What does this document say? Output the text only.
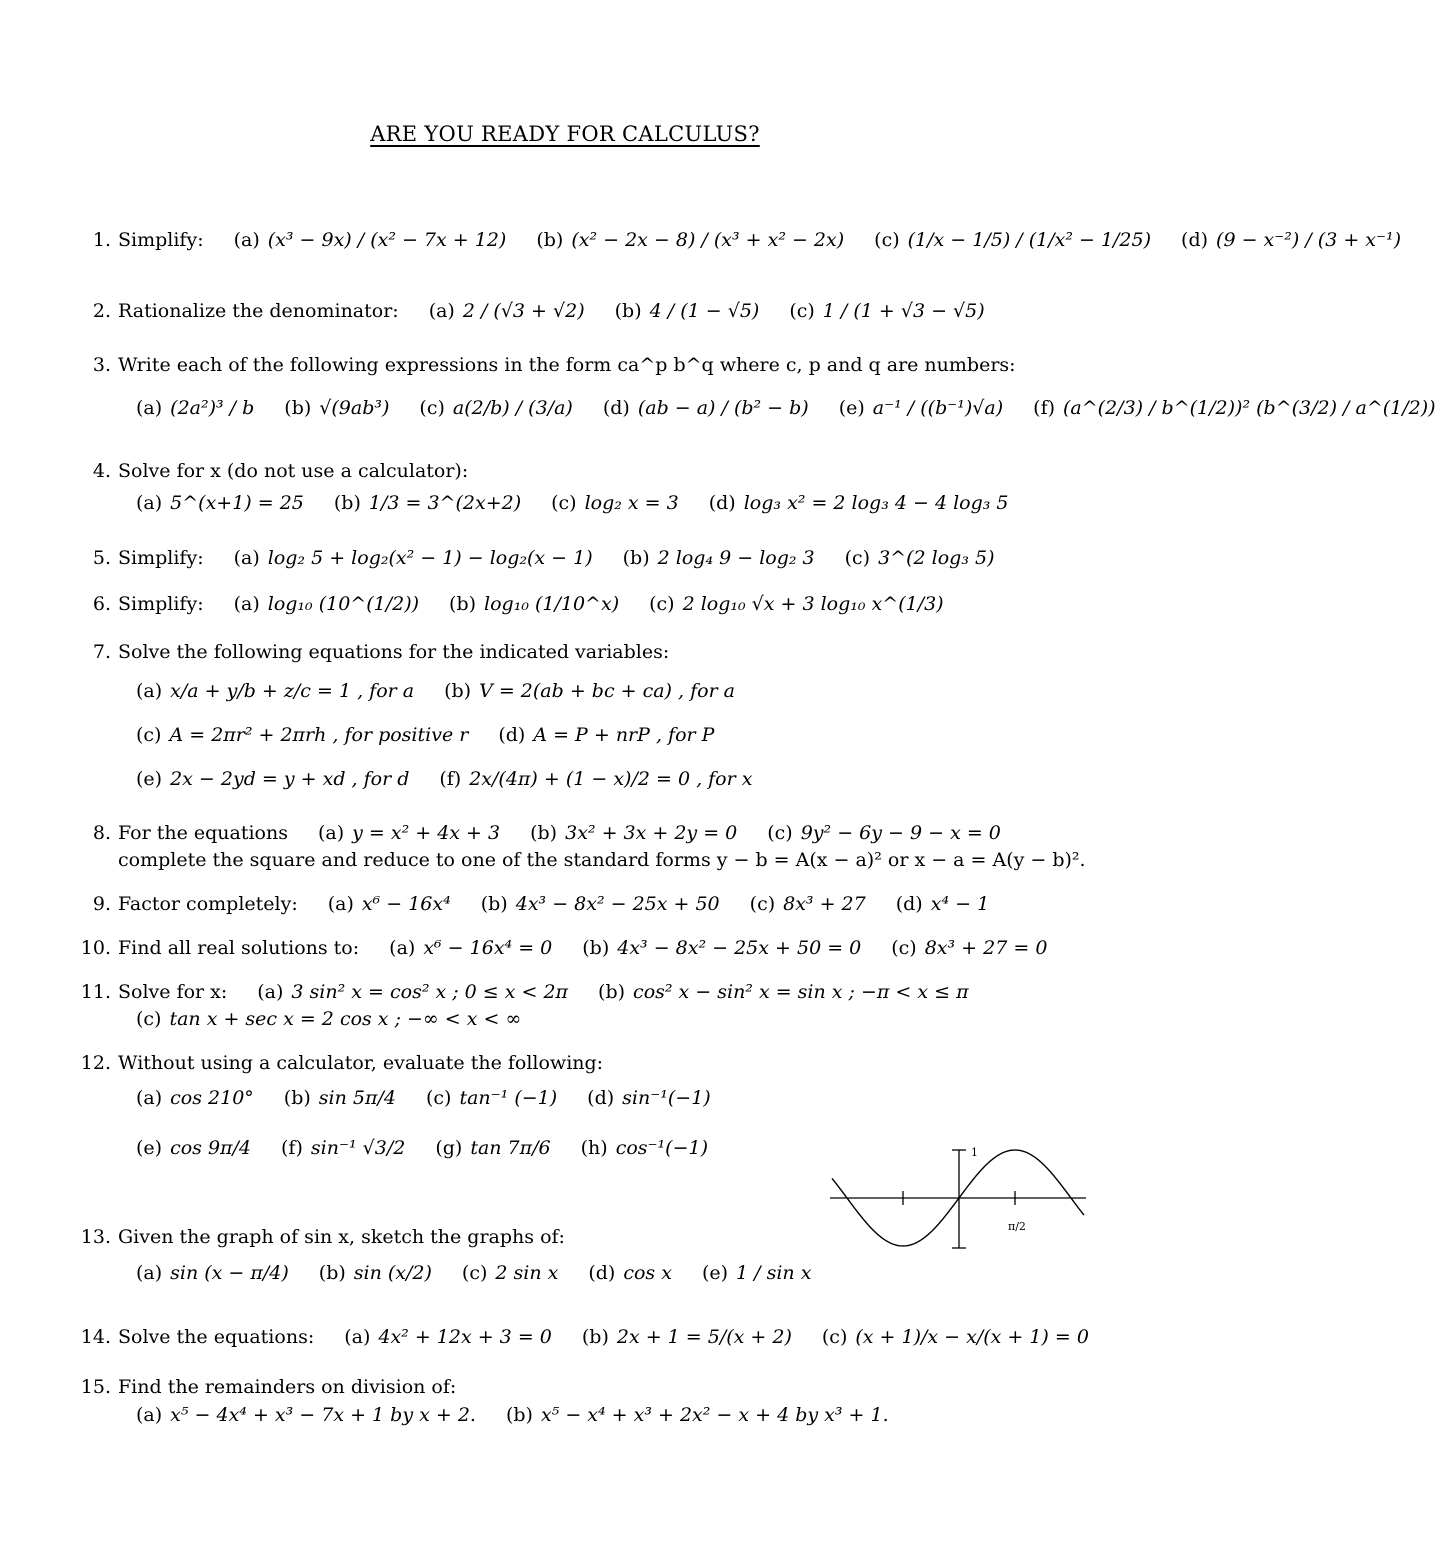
ARE YOU READY FOR CALCULUS?
1. Simplify: (a) (x³ − 9x) / (x² − 7x + 12) (b) (x² − 2x − 8) / (x³ + x² − 2x) (c) (1/x − 1/5) / (1/x² − 1/25) (d) (9 − x⁻²) / (3 + x⁻¹)
2. Rationalize the denominator: (a) 2 / (√3 + √2) (b) 4 / (1 − √5) (c) 1 / (1 + √3 − √5)
3. Write each of the following expressions in the form ca^p b^q where c, p and q are numbers:
(a) (2a²)³ / b (b) √(9ab³) (c) a(2/b) / (3/a) (d) (ab − a) / (b² − b) (e) a⁻¹ / ((b⁻¹)√a) (f) (a^(2/3) / b^(1/2))² (b^(3/2) / a^(1/2))
4. Solve for x (do not use a calculator):
(a) 5^(x+1) = 25 (b) 1/3 = 3^(2x+2) (c) log₂ x = 3 (d) log₃ x² = 2 log₃ 4 − 4 log₃ 5
5. Simplify: (a) log₂ 5 + log₂(x² − 1) − log₂(x − 1) (b) 2 log₄ 9 − log₂ 3 (c) 3^(2 log₃ 5)
6. Simplify: (a) log₁₀ (10^(1/2)) (b) log₁₀ (1/10^x) (c) 2 log₁₀ √x + 3 log₁₀ x^(1/3)
7. Solve the following equations for the indicated variables:
(a) x/a + y/b + z/c = 1 , for a (b) V = 2(ab + bc + ca) , for a
(c) A = 2πr² + 2πrh , for positive r (d) A = P + nrP , for P
(e) 2x − 2yd = y + xd , for d (f) 2x/(4π) + (1 − x)/2 = 0 , for x
8. For the equations (a) y = x² + 4x + 3 (b) 3x² + 3x + 2y = 0 (c) 9y² − 6y − 9 − x = 0
complete the square and reduce to one of the standard forms y − b = A(x − a)² or x − a = A(y − b)².
9. Factor completely: (a) x⁶ − 16x⁴ (b) 4x³ − 8x² − 25x + 50 (c) 8x³ + 27 (d) x⁴ − 1
10. Find all real solutions to: (a) x⁶ − 16x⁴ = 0 (b) 4x³ − 8x² − 25x + 50 = 0 (c) 8x³ + 27 = 0
11. Solve for x: (a) 3 sin² x = cos² x ; 0 ≤ x < 2π (b) cos² x − sin² x = sin x ; −π < x ≤ π
(c) tan x + sec x = 2 cos x ; −∞ < x < ∞
12. Without using a calculator, evaluate the following:
(a) cos 210° (b) sin 5π/4 (c) tan⁻¹ (−1) (d) sin⁻¹(−1)
(e) cos 9π/4 (f) sin⁻¹ √3/2 (g) tan 7π/6 (h) cos⁻¹(−1)
13. Given the graph of sin x, sketch the graphs of:
(a) sin (x − π/4) (b) sin (x/2) (c) 2 sin x (d) cos x (e) 1 / sin x
14. Solve the equations: (a) 4x² + 12x + 3 = 0 (b) 2x + 1 = 5/(x + 2) (c) (x + 1)/x − x/(x + 1) = 0
15. Find the remainders on division of:
(a) x⁵ − 4x⁴ + x³ − 7x + 1 by x + 2. (b) x⁵ − x⁴ + x³ + 2x² − x + 4 by x³ + 1.
1
π/2
